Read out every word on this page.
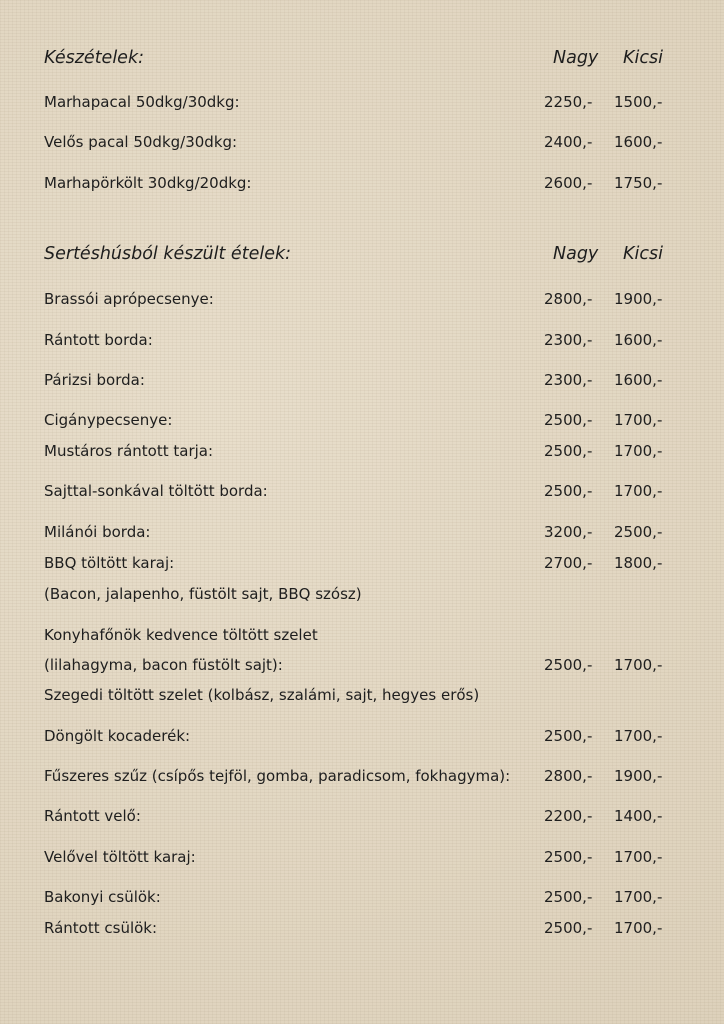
Készételek:	Nagy Kicsi
Marhapacal 50dkg/30dkg:	2250,- 1500,-
Velős pacal 50dkg/30dkg:	2400,- 1600,-
Marhapörkölt 30dkg/20dkg:	2600,- 1750,-
Sertéshúsból készült ételek:	Nagy Kicsi
Brassói aprópecsenye:	2800,- 1900,-
Rántott borda:	2300,- 1600,-
Párizsi borda:	2300,- 1600,-
Cigánypecsenye:	2500,- 1700,-
Mustáros rántott tarja:	2500,- 1700,-
Sajttal-sonkával töltött borda:	2500,- 1700,-
Milánói borda:	3200,- 2500,-
BBQ töltött karaj:	2700,- 1800,-
(Bacon, jalapenho, füstölt sajt, BBQ szósz)
Konyhafőnök kedvence töltött szelet
(lilahagyma, bacon füstölt sajt):	2500,- 1700,-
Szegedi töltött szelet (kolbász, szalámi, sajt, hegyes erős)
Döngölt kocaderék:	2500,- 1700,-
Fűszeres szűz (csípős tejföl, gomba, paradicsom, fokhagyma): 2800,- 1900,-
Rántott velő:	2200,- 1400,-
Velővel töltött karaj:	2500,- 1700,-
Bakonyi csülök:	2500,- 1700,-
Rántott csülök:	2500,- 1700,-
